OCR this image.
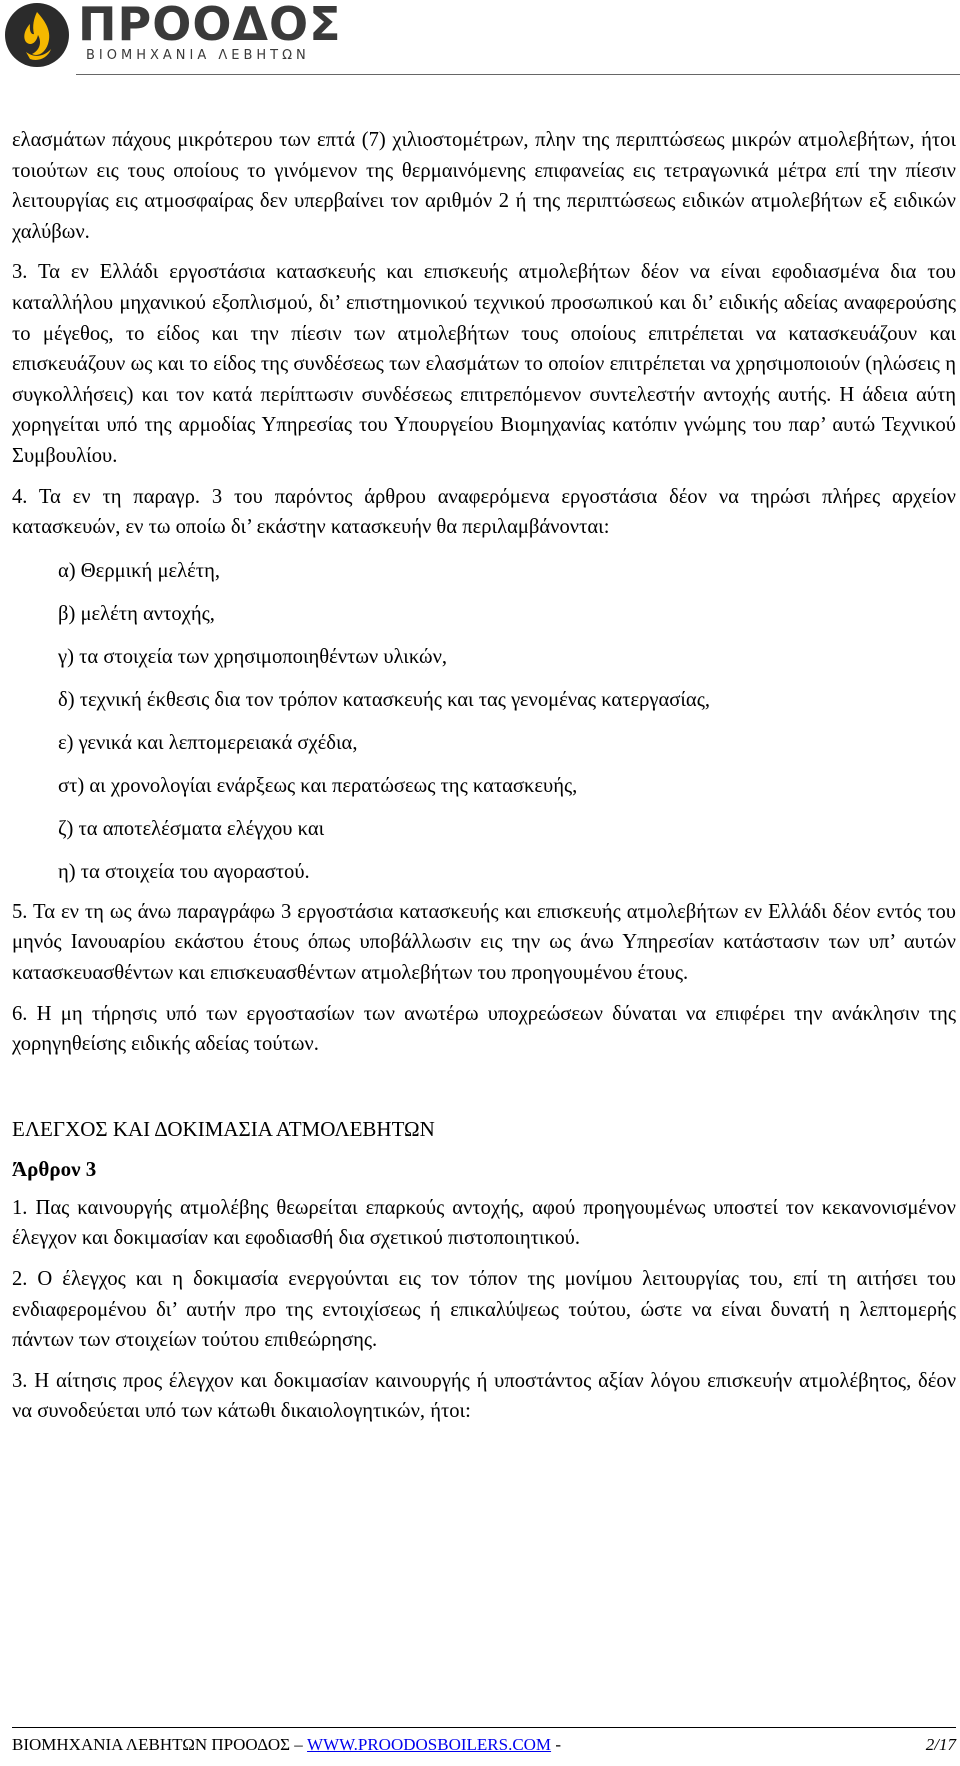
ΠΡΟΟΔΟΣ
ΒΙΟΜΗΧΑΝΙΑ ΛΕΒΗΤΩΝ

ελασμάτων πάχους μικρότερου των επτά (7) χιλιοστομέτρων, πλην της περιπτώσεως μικρών ατμολεβήτων, ήτοι τοιούτων εις τους οποίους το γινόμενον της θερμαινόμενης επιφανείας εις τετραγωνικά μέτρα επί την πίεσιν λειτουργίας εις ατμοσφαίρας δεν υπερβαίνει τον αριθμόν 2 ή της περιπτώσεως ειδικών ατμολεβήτων εξ ειδικών χαλύβων.

3. Τα εν Ελλάδι εργοστάσια κατασκευής και επισκευής ατμολεβήτων δέον να είναι εφοδιασμένα δια του καταλλήλου μηχανικού εξοπλισμού, δι’ επιστημονικού τεχνικού προσωπικού και δι’ ειδικής αδείας αναφερούσης το μέγεθος, το είδος και την πίεσιν των ατμολεβήτων τους οποίους επιτρέπεται να κατασκευάζουν και επισκευάζουν ως και το είδος της συνδέσεως των ελασμάτων το οποίον επιτρέπεται να χρησιμοποιούν (ηλώσεις η συγκολλήσεις) και τον κατά περίπτωσιν συνδέσεως επιτρεπόμενον συντελεστήν αντοχής αυτής. Η άδεια αύτη χορηγείται υπό της αρμοδίας Υπηρεσίας του Υπουργείου Βιομηχανίας κατόπιν γνώμης του παρ’ αυτώ Τεχνικού Συμβουλίου.

4. Τα εν τη παραγρ. 3 του παρόντος άρθρου αναφερόμενα εργοστάσια δέον να τηρώσι πλήρες αρχείον κατασκευών, εν τω οποίω δι’ εκάστην κατασκευήν θα περιλαμβάνονται:

α) Θερμική μελέτη,

β) μελέτη αντοχής,

γ) τα στοιχεία των χρησιμοποιηθέντων υλικών,

δ) τεχνική έκθεσις δια τον τρόπον κατασκευής και τας γενομένας κατεργασίας,

ε) γενικά και λεπτομερειακά σχέδια,

στ) αι χρονολογίαι ενάρξεως και περατώσεως της κατασκευής,

ζ) τα αποτελέσματα ελέγχου και

η) τα στοιχεία του αγοραστού.

5. Τα εν τη ως άνω παραγράφω 3 εργοστάσια κατασκευής και επισκευής ατμολεβήτων εν Ελλάδι δέον εντός του μηνός Ιανουαρίου εκάστου έτους όπως υποβάλλωσιν εις την ως άνω Υπηρεσίαν κατάστασιν των υπ’ αυτών κατασκευασθέντων και επισκευασθέντων ατμολεβήτων του προηγουμένου έτους.

6. Η μη τήρησις υπό των εργοστασίων των ανωτέρω υποχρεώσεων δύναται να επιφέρει την ανάκλησιν της χορηγηθείσης ειδικής αδείας τούτων.

ΕΛΕΓΧΟΣ ΚΑΙ ΔΟΚΙΜΑΣΙΑ ΑΤΜΟΛΕΒΗΤΩΝ

Άρθρον 3

1. Πας καινουργής ατμολέβης θεωρείται επαρκούς αντοχής, αφού προηγουμένως υποστεί τον κεκανονισμένον έλεγχον και δοκιμασίαν και εφοδιασθή δια σχετικού πιστοποιητικού.

2. Ο έλεγχος και η δοκιμασία ενεργούνται εις τον τόπον της μονίμου λειτουργίας του, επί τη αιτήσει του ενδιαφερομένου δι’ αυτήν προ της εντοιχίσεως ή επικαλύψεως τούτου, ώστε να είναι δυνατή η λεπτομερής πάντων των στοιχείων τούτου επιθεώρησης.

3. Η αίτησις προς έλεγχον και δοκιμασίαν καινουργής ή υποστάντος αξίαν λόγου επισκευήν ατμολέβητος, δέον να συνοδεύεται υπό των κάτωθι δικαιολογητικών, ήτοι:

ΒΙΟΜΗΧΑΝΙΑ ΛΕΒΗΤΩΝ ΠΡΟΟΔΟΣ – WWW.PROODOSBOILERS.COM -	2/17
